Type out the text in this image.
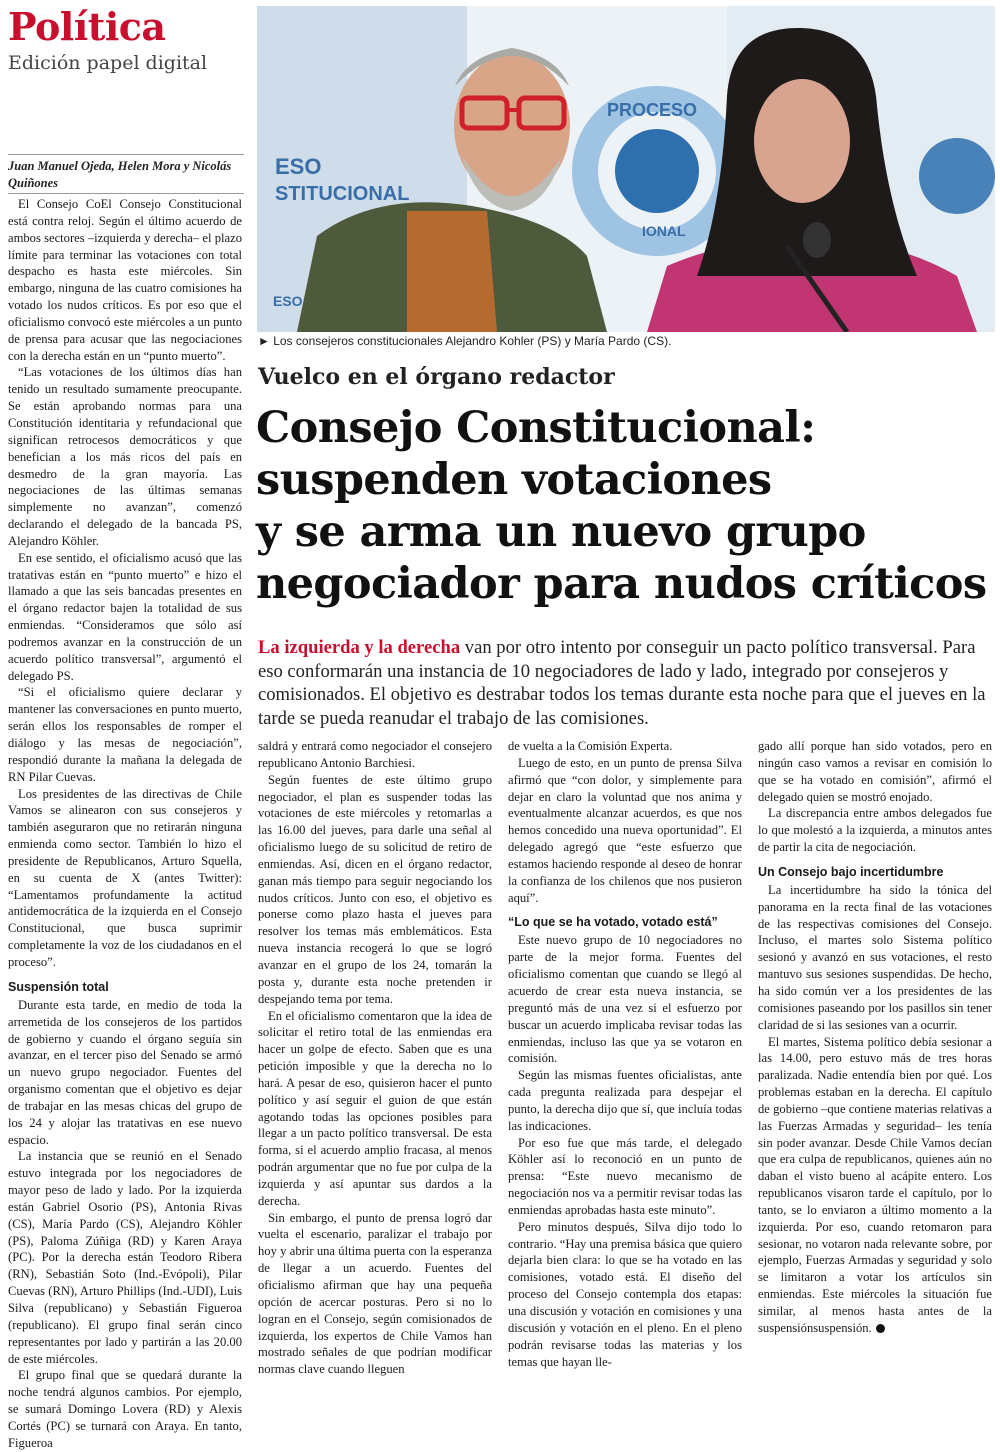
Política
Edición papel digital
Juan Manuel Ojeda, Helen Mora y Nicolás Quiñones
ESO
STITUCIONAL
PROCESO
IONAL
ESO
► Los consejeros constitucionales Alejandro Kohler (PS) y María Pardo (CS).
Vuelco en el órgano redactor
Consejo Constitucional:
suspenden votaciones
y se arma un nuevo grupo
negociador para nudos críticos
La izquierda y la derecha van por otro intento por conseguir un pacto político transversal. Para eso conformarán una instancia de 10 negociadores de lado y lado, integrado por consejeros y comisionados. El objetivo es destrabar todos los temas durante esta noche para que el jueves en la tarde se pueda reanudar el trabajo de las comisiones.

El Consejo CoEl Consejo Constitucional está contra reloj. Según el último acuerdo de ambos sectores –izquierda y derecha– el plazo límite para terminar las votaciones con total despacho es hasta este miércoles. Sin embargo, ninguna de las cuatro comisiones ha votado los nudos críticos. Es por eso que el oficialismo convocó este miércoles a un punto de prensa para acusar que las negociaciones con la derecha están en un “punto muerto”.

“Las votaciones de los últimos días han tenido un resultado sumamente preocupante. Se están aprobando normas para una Constitución identitaria y refundacional que significan retrocesos democráticos y que benefician a los más ricos del país en desmedro de la gran mayoría. Las negociaciones de las últimas semanas simplemente no avanzan”, comenzó declarando el delegado de la bancada PS, Alejandro Köhler.

En ese sentido, el oficialismo acusó que las tratativas están en “punto muerto” e hizo el llamado a que las seis bancadas presentes en el órgano redactor bajen la totalidad de sus enmiendas. “Consideramos que sólo así podremos avanzar en la construcción de un acuerdo político transversal”, argumentó el delegado PS.

“Si el oficialismo quiere declarar y mantener las conversaciones en punto muerto, serán ellos los responsables de romper el diálogo y las mesas de negociación”, respondió durante la mañana la delegada de RN Pilar Cuevas.

Los presidentes de las directivas de Chile Vamos se alinearon con sus consejeros y también aseguraron que no retirarán ninguna enmienda como sector. También lo hizo el presidente de Republicanos, Arturo Squella, en su cuenta de X (antes Twitter): “Lamentamos profundamente la actitud antidemocrática de la izquierda en el Consejo Constitucional, que busca suprimir completamente la voz de los ciudadanos en el proceso”.

Suspensión total

Durante esta tarde, en medio de toda la arremetida de los consejeros de los partidos de gobierno y cuando el órgano seguía sin avanzar, en el tercer piso del Senado se armó un nuevo grupo negociador. Fuentes del organismo comentan que el objetivo es dejar de trabajar en las mesas chicas del grupo de los 24 y alojar las tratativas en ese nuevo espacio.

La instancia que se reunió en el Senado estuvo integrada por los negociadores de mayor peso de lado y lado. Por la izquierda están Gabriel Osorio (PS), Antonia Rivas (CS), María Pardo (CS), Alejandro Köhler (PS), Paloma Zúñiga (RD) y Karen Araya (PC). Por la derecha están Teodoro Ribera (RN), Sebastián Soto (Ind.-Evópoli), Pilar Cuevas (RN), Arturo Phillips (Ind.-UDI), Luis Silva (republicano) y Sebastián Figueroa (republicano). El grupo final serán cinco representantes por lado y partirán a las 20.00 de este miércoles.

El grupo final que se quedará durante la noche tendrá algunos cambios. Por ejemplo, se sumará Domingo Lovera (RD) y Alexis Cortés (PC) se turnará con Araya. En tanto, Figueroa

saldrá y entrará como negociador el consejero republicano Antonio Barchiesi.

Según fuentes de este último grupo negociador, el plan es suspender todas las votaciones de este miércoles y retomarlas a las 16.00 del jueves, para darle una señal al oficialismo luego de su solicitud de retiro de enmiendas. Así, dicen en el órgano redactor, ganan más tiempo para seguir negociando los nudos críticos. Junto con eso, el objetivo es ponerse como plazo hasta el jueves para resolver los temas más emblemáticos. Esta nueva instancia recogerá lo que se logró avanzar en el grupo de los 24, tomarán la posta y, durante esta noche pretenden ir despejando tema por tema.

En el oficialismo comentaron que la idea de solicitar el retiro total de las enmiendas era hacer un golpe de efecto. Saben que es una petición imposible y que la derecha no lo hará. A pesar de eso, quisieron hacer el punto político y así seguir el guion de que están agotando todas las opciones posibles para llegar a un pacto político transversal. De esta forma, si el acuerdo amplio fracasa, al menos podrán argumentar que no fue por culpa de la izquierda y así apuntar sus dardos a la derecha.

Sin embargo, el punto de prensa logró dar vuelta el escenario, paralizar el trabajo por hoy y abrir una última puerta con la esperanza de llegar a un acuerdo. Fuentes del oficialismo afirman que hay una pequeña opción de acercar posturas. Pero si no lo logran en el Consejo, según comisionados de izquierda, los expertos de Chile Vamos han mostrado señales de que podrían modificar normas clave cuando lleguen

de vuelta a la Comisión Experta.

Luego de esto, en un punto de prensa Silva afirmó que “con dolor, y simplemente para dejar en claro la voluntad que nos anima y eventualmente alcanzar acuerdos, es que nos hemos concedido una nueva oportunidad”. El delegado agregó que “este esfuerzo que estamos haciendo responde al deseo de honrar la confianza de los chilenos que nos pusieron aquí”.

“Lo que se ha votado, votado está”

Este nuevo grupo de 10 negociadores no parte de la mejor forma. Fuentes del oficialismo comentan que cuando se llegó al acuerdo de crear esta nueva instancia, se preguntó más de una vez si el esfuerzo por buscar un acuerdo implicaba revisar todas las enmiendas, incluso las que ya se votaron en comisión.

Según las mismas fuentes oficialistas, ante cada pregunta realizada para despejar el punto, la derecha dijo que sí, que incluía todas las indicaciones.

Por eso fue que más tarde, el delegado Köhler así lo reconoció en un punto de prensa: “Este nuevo mecanismo de negociación nos va a permitir revisar todas las enmiendas aprobadas hasta este minuto”.

Pero minutos después, Silva dijo todo lo contrario. “Hay una premisa básica que quiero dejarla bien clara: lo que se ha votado en las comisiones, votado está. El diseño del proceso del Consejo contempla dos etapas: una discusión y votación en comisiones y una discusión y votación en el pleno. En el pleno podrán revisarse todas las materias y los temas que hayan lle-

gado allí porque han sido votados, pero en ningún caso vamos a revisar en comisión lo que se ha votado en comisión”, afirmó el delegado quien se mostró enojado.

La discrepancia entre ambos delegados fue lo que molestó a la izquierda, a minutos antes de partir la cita de negociación.

Un Consejo bajo incertidumbre

La incertidumbre ha sido la tónica del panorama en la recta final de las votaciones de las respectivas comisiones del Consejo. Incluso, el martes solo Sistema político sesionó y avanzó en sus votaciones, el resto mantuvo sus sesiones suspendidas. De hecho, ha sido común ver a los presidentes de las comisiones paseando por los pasillos sin tener claridad de si las sesiones van a ocurrir.

El martes, Sistema político debía sesionar a las 14.00, pero estuvo más de tres horas paralizada. Nadie entendía bien por qué. Los problemas estaban en la derecha. El capítulo de gobierno –que contiene materias relativas a las Fuerzas Armadas y seguridad– les tenía sin poder avanzar. Desde Chile Vamos decían que era culpa de republicanos, quienes aún no daban el visto bueno al acápite entero. Los republicanos visaron tarde el capítulo, por lo tanto, se lo enviaron a último momento a la izquierda. Por eso, cuando retomaron para sesionar, no votaron nada relevante sobre, por ejemplo, Fuerzas Armadas y seguridad y solo se limitaron a votar los artículos sin enmiendas. Este miércoles la situación fue similar, al menos hasta antes de la suspensiónsuspensión.
